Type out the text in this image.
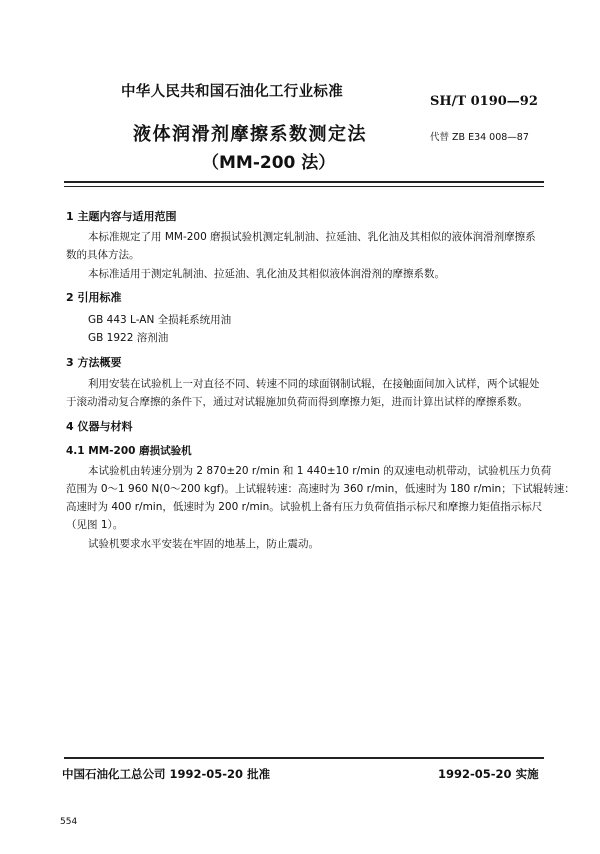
中华人民共和国石油化工行业标准
SH/T 0190—92
液体润滑剂摩擦系数测定法	代替 ZB E34 008—87
（MM-200 法）
1 主题内容与适用范围
本标准规定了用 MM-200 磨损试验机测定轧制油、拉延油、乳化油及其相似的液体润滑剂摩擦系
数的具体方法。
本标准适用于测定轧制油、拉延油、乳化油及其相似液体润滑剂的摩擦系数。
2 引用标准
GB 443 L-AN 全损耗系统用油
GB 1922 溶剂油
3 方法概要
利用安装在试验机上一对直径不同、转速不同的球面钢制试辊，在接触面间加入试样，两个试辊处
于滚动滑动复合摩擦的条件下，通过对试辊施加负荷而得到摩擦力矩，进而计算出试样的摩擦系数。
4 仪器与材料
4.1 MM-200 磨损试验机
本试验机由转速分别为 2 870±20 r/min 和 1 440±10 r/min 的双速电动机带动，试验机压力负荷
范围为 0～1 960 N(0～200 kgf)。上试辊转速：高速时为 360 r/min，低速时为 180 r/min；下试辊转速：
高速时为 400 r/min，低速时为 200 r/min。试验机上备有压力负荷值指示标尺和摩擦力矩值指示标尺
（见图 1）。
试验机要求水平安装在牢固的地基上，防止震动。
中国石油化工总公司 1992-05-20 批准	1992-05-20 实施
554
